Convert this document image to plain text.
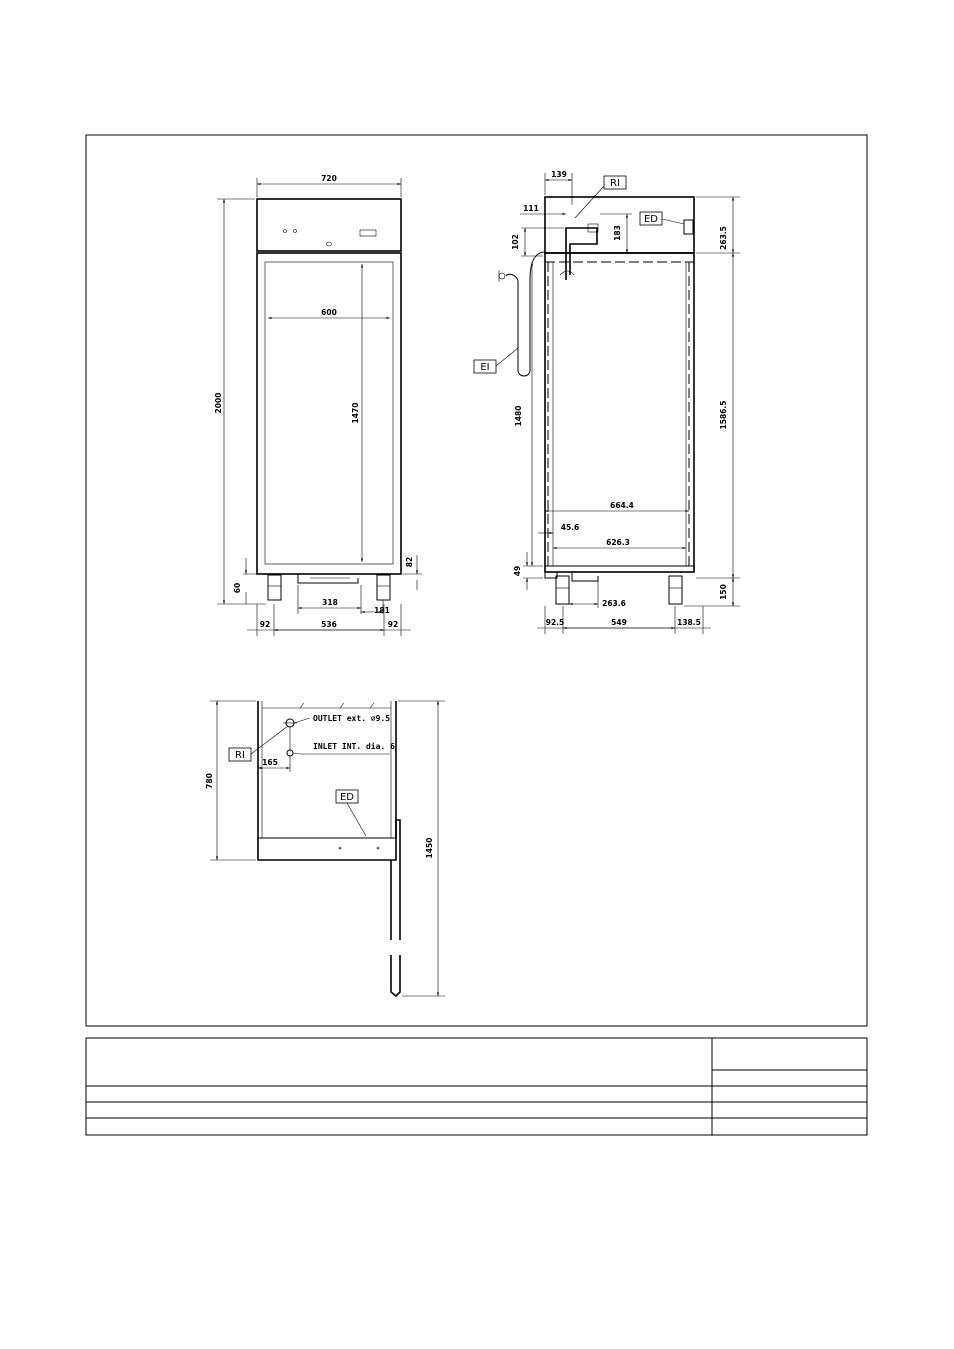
720
600
1470
2000
60
82
318
181
92	536	92
139
111
102
183	263.5
1586.5
150
1480
49
664.4
45.6
626.3
263.6
92.5	549	138.5
RI
ED
EI
780
1450
165
OUTLET ext. ∅9.5
INLET INT. dia. 6
RI
ED
